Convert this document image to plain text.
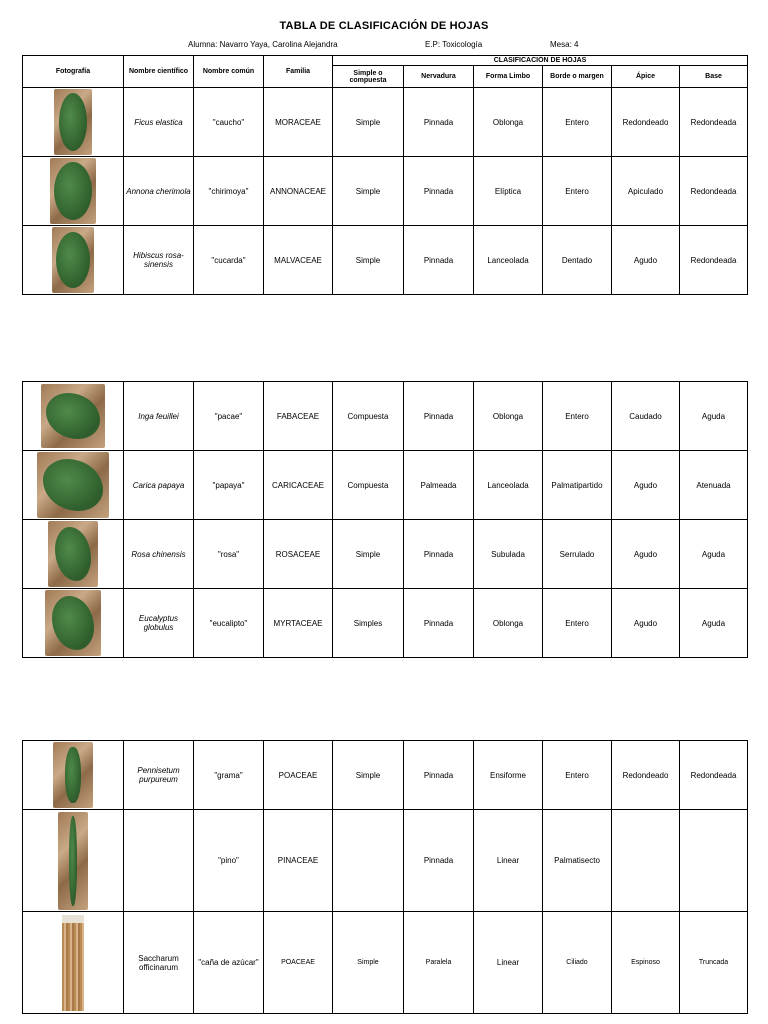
TABLA DE CLASIFICACIÓN DE HOJAS
Alumna: Navarro Yaya, Carolina Alejandra	E.P: Toxicología	Mesa: 4
Fotografía	Nombre científico	Nombre común	Familia	CLASIFICACIÓN DE HOJAS					
				Simple o compuesta	Nervadura	Forma Limbo	Borde o margen	Ápice	Base

	Ficus elastica	"caucho"	MORACEAE	Simple	Pinnada	Oblonga	Entero	Redondeado	Redondeada

	Annona cherimola	"chirimoya"	ANNONACEAE	Simple	Pinnada	Elíptica	Entero	Apiculado	Redondeada

	Hibiscus rosa-sinensis	"cucarda"	MALVACEAE	Simple	Pinnada	Lanceolada	Dentado	Agudo	Redondeada
	Inga feuillei	"pacae"	FABACEAE	Compuesta	Pinnada	Oblonga	Entero	Caudado	Aguda

	Carica papaya	"papaya"	CARICACEAE	Compuesta	Palmeada	Lanceolada	Palmatipartido	Agudo	Atenuada

	Rosa chinensis	"rosa"	ROSACEAE	Simple	Pinnada	Subulada	Serrulado	Agudo	Aguda

	Eucalyptus globulus	"eucalipto"	MYRTACEAE	Simples	Pinnada	Oblonga	Entero	Agudo	Aguda
	Pennisetum purpureum	"grama"	POACEAE	Simple	Pinnada	Ensiforme	Entero	Redondeado	Redondeada

		"pino"	PINACEAE		Pinnada	Linear	Palmatisecto		

	Saccharum officinarum	"caña de azúcar"	POACEAE	Simple	Paralela	Linear	Ciliado	Espinoso	Truncada
